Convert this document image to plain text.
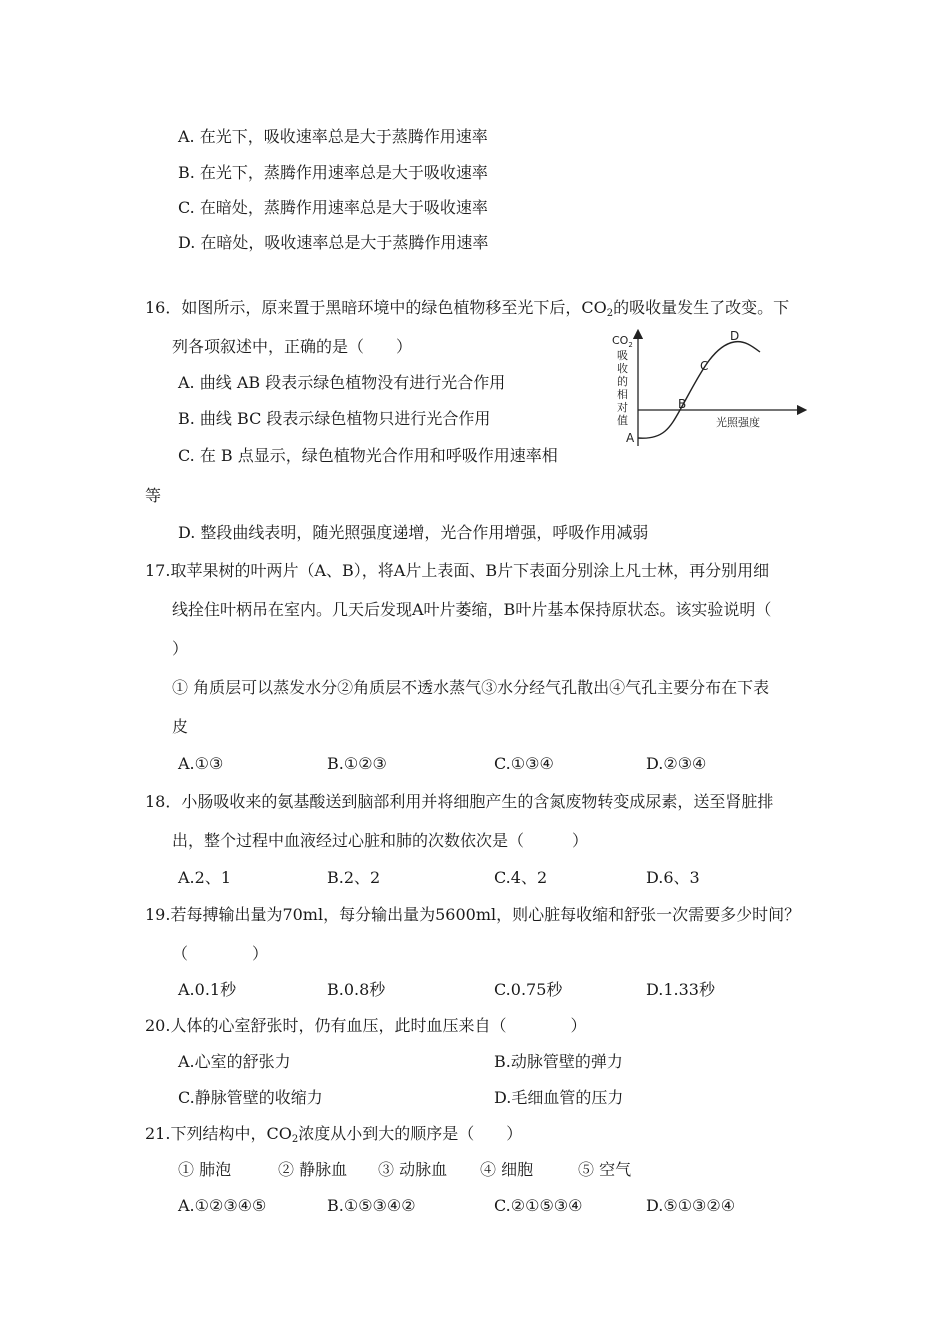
A. 在光下，吸收速率总是大于蒸腾作用速率
B. 在光下，蒸腾作用速率总是大于吸收速率
C. 在暗处，蒸腾作用速率总是大于吸收速率
D. 在暗处，吸收速率总是大于蒸腾作用速率
16．如图所示，原来置于黑暗环境中的绿色植物移至光下后，$CO_2$的吸收量发生了改变。下
列各项叙述中，正确的是（　　）
A. 曲线 AB 段表示绿色植物没有进行光合作用
B. 曲线 BC 段表示绿色植物只进行光合作用
C. 在 B 点显示，绿色植物光合作用和呼吸作用速率相
等
D. 整段曲线表明，随光照强度递增，光合作用增强，呼吸作用减弱
$CO_2$
吸
收
的
相
对
值	光照强度
A
B
C
D
17.取苹果树的叶两片（A、B），将A片上表面、B片下表面分别涂上凡士林，再分别用细
线拴住叶柄吊在室内。几天后发现A叶片萎缩，B叶片基本保持原状态。该实验说明（
）
① 角质层可以蒸发水分②角质层不透水蒸气③水分经气孔散出④气孔主要分布在下表
皮
A.①③	B.①②③	C.①③④	D.②③④
18．小肠吸收来的氨基酸送到脑部利用并将细胞产生的含氮废物转变成尿素，送至肾脏排
出，整个过程中血液经过心脏和肺的次数依次是（　　　）
A.2、1	B.2、2	C.4、2	D.6、3
19.若每搏输出量为70ml，每分输出量为5600ml，则心脏每收缩和舒张一次需要多少时间？
（　　　　）
A.0.1秒	B.0.8秒	C.0.75秒	D.1.33秒
20.人体的心室舒张时，仍有血压，此时血压来自（　　　　）
A.心室的舒张力	B.动脉管壁的弹力
C.静脉管壁的收缩力	D.毛细血管的压力
21.下列结构中，$CO_2$浓度从小到大的顺序是（　　）
① 肺泡	② 静脉血 ③ 动脉血 ④ 细胞	⑤ 空气
A.①②③④⑤	B.①⑤③④②	C.②①⑤③④	D.⑤①③②④
